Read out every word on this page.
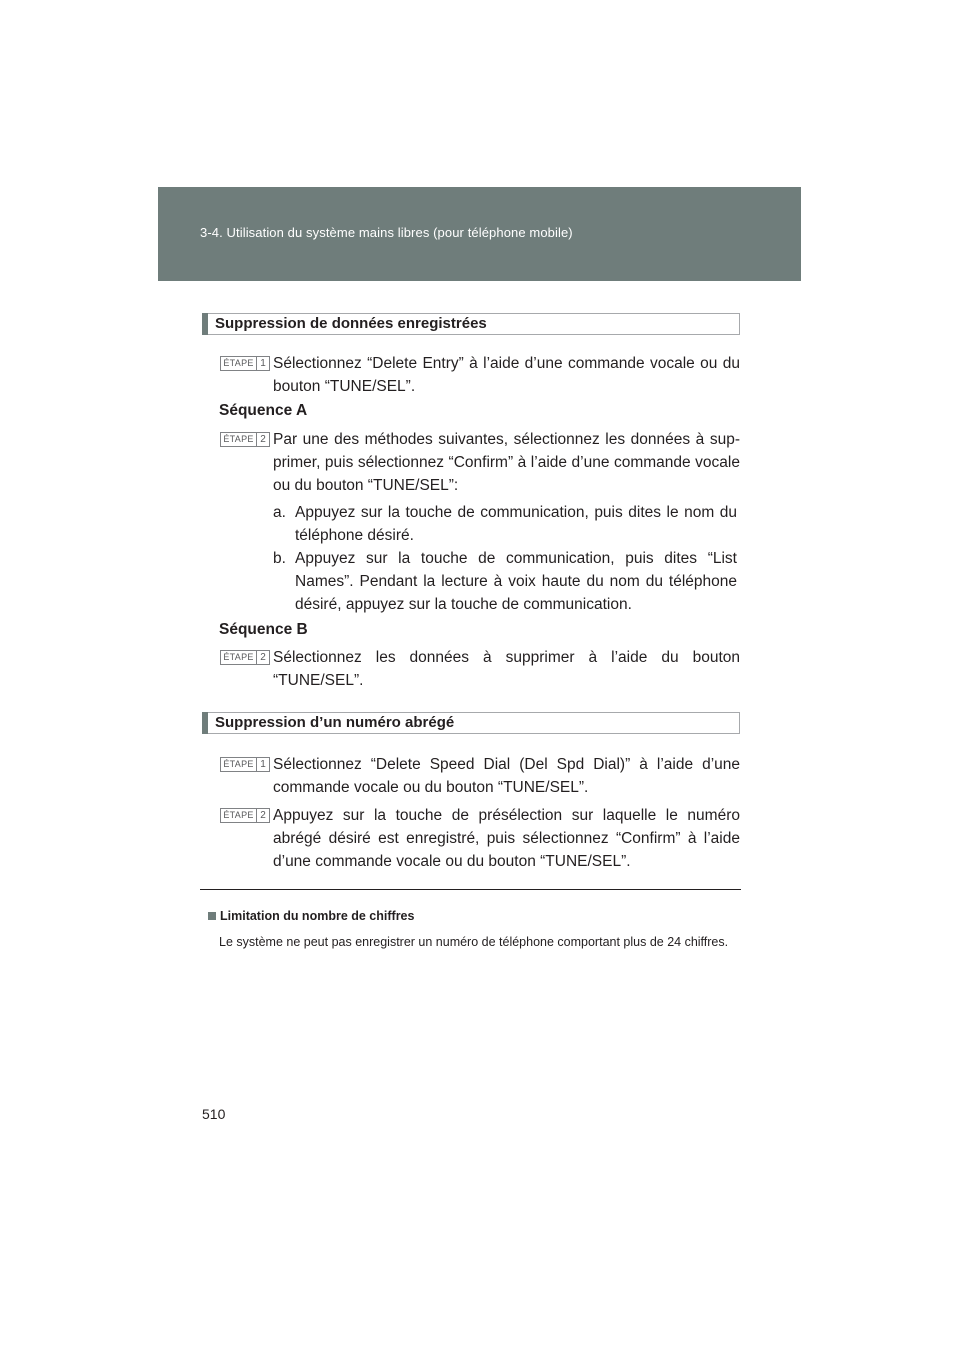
3-4. Utilisation du système mains libres (pour téléphone mobile)
Suppression de données enregistrées
ÉTAPE 1 Sélectionnez “Delete Entry” à l’aide d’une commande vocale ou du bouton “TUNE/SEL”.
Séquence A
ÉTAPE 2 Par une des méthodes suivantes, sélectionnez les données à sup-primer, puis sélectionnez “Confirm” à l’aide d’une commande vocale ou du bouton “TUNE/SEL”:
a. Appuyez sur la touche de communication, puis dites le nom du téléphone désiré.
b. Appuyez sur la touche de communication, puis dites “List Names”. Pendant la lecture à voix haute du nom du téléphone désiré, appuyez sur la touche de communication.
Séquence B
ÉTAPE 2 Sélectionnez les données à supprimer à l’aide du bouton “TUNE/SEL”.
Suppression d’un numéro abrégé
ÉTAPE 1 Sélectionnez “Delete Speed Dial (Del Spd Dial)” à l’aide d’une commande vocale ou du bouton “TUNE/SEL”.
ÉTAPE 2 Appuyez sur la touche de présélection sur laquelle le numéro abrégé désiré est enregistré, puis sélectionnez “Confirm” à l’aide d’une commande vocale ou du bouton “TUNE/SEL”.
Limitation du nombre de chiffres
Le système ne peut pas enregistrer un numéro de téléphone comportant plus de 24 chiffres.
510
